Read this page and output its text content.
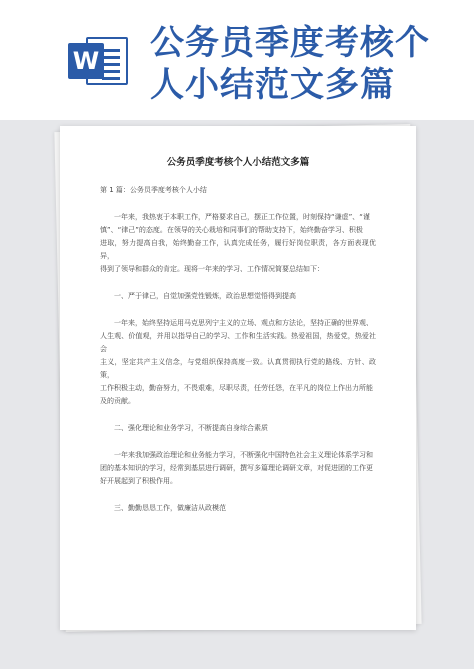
W 公务员季度考核个
人小结范文多篇
公务员季度考核个人小结范文多篇

第 1 篇：公务员季度考核个人小结

一年来，我热衷于本职工作，严格要求自己，摆正工作位置，时刻保持“谦虚”、“谨

慎”、“律己”的态度。在领导的关心栽培和同事们的帮助支持下，始终勤奋学习、积极

进取，努力提高自我，始终勤奋工作，认真完成任务，履行好岗位职责，各方面表现优异，

得到了领导和群众的肯定。现将一年来的学习、工作情况简要总结如下：

一、严于律己，自觉加强党性锻炼，政治思想觉悟得到提高

一年来，始终坚持运用马克思列宁主义的立场、观点和方法论，坚持正确的世界观、

人生观、价值观，并用以指导自己的学习、工作和生活实践。热爱祖国，热爱党，热爱社会

主义，坚定共产主义信念，与党组织保持高度一致。认真贯彻执行党的路线、方针、政策，

工作积极主动，勤奋努力，不畏艰难，尽职尽责，任劳任怨，在平凡的岗位上作出力所能

及的贡献。

二、强化理论和业务学习，不断提高自身综合素质

一年来我加强政治理论和业务能力学习，不断强化中国特色社会主义理论体系学习和

团的基本知识的学习，经常到基层进行调研，撰写多篇理论调研文章，对促进团的工作更

好开展起到了积极作用。

三、勤勤恳恳工作，做廉洁从政模范
